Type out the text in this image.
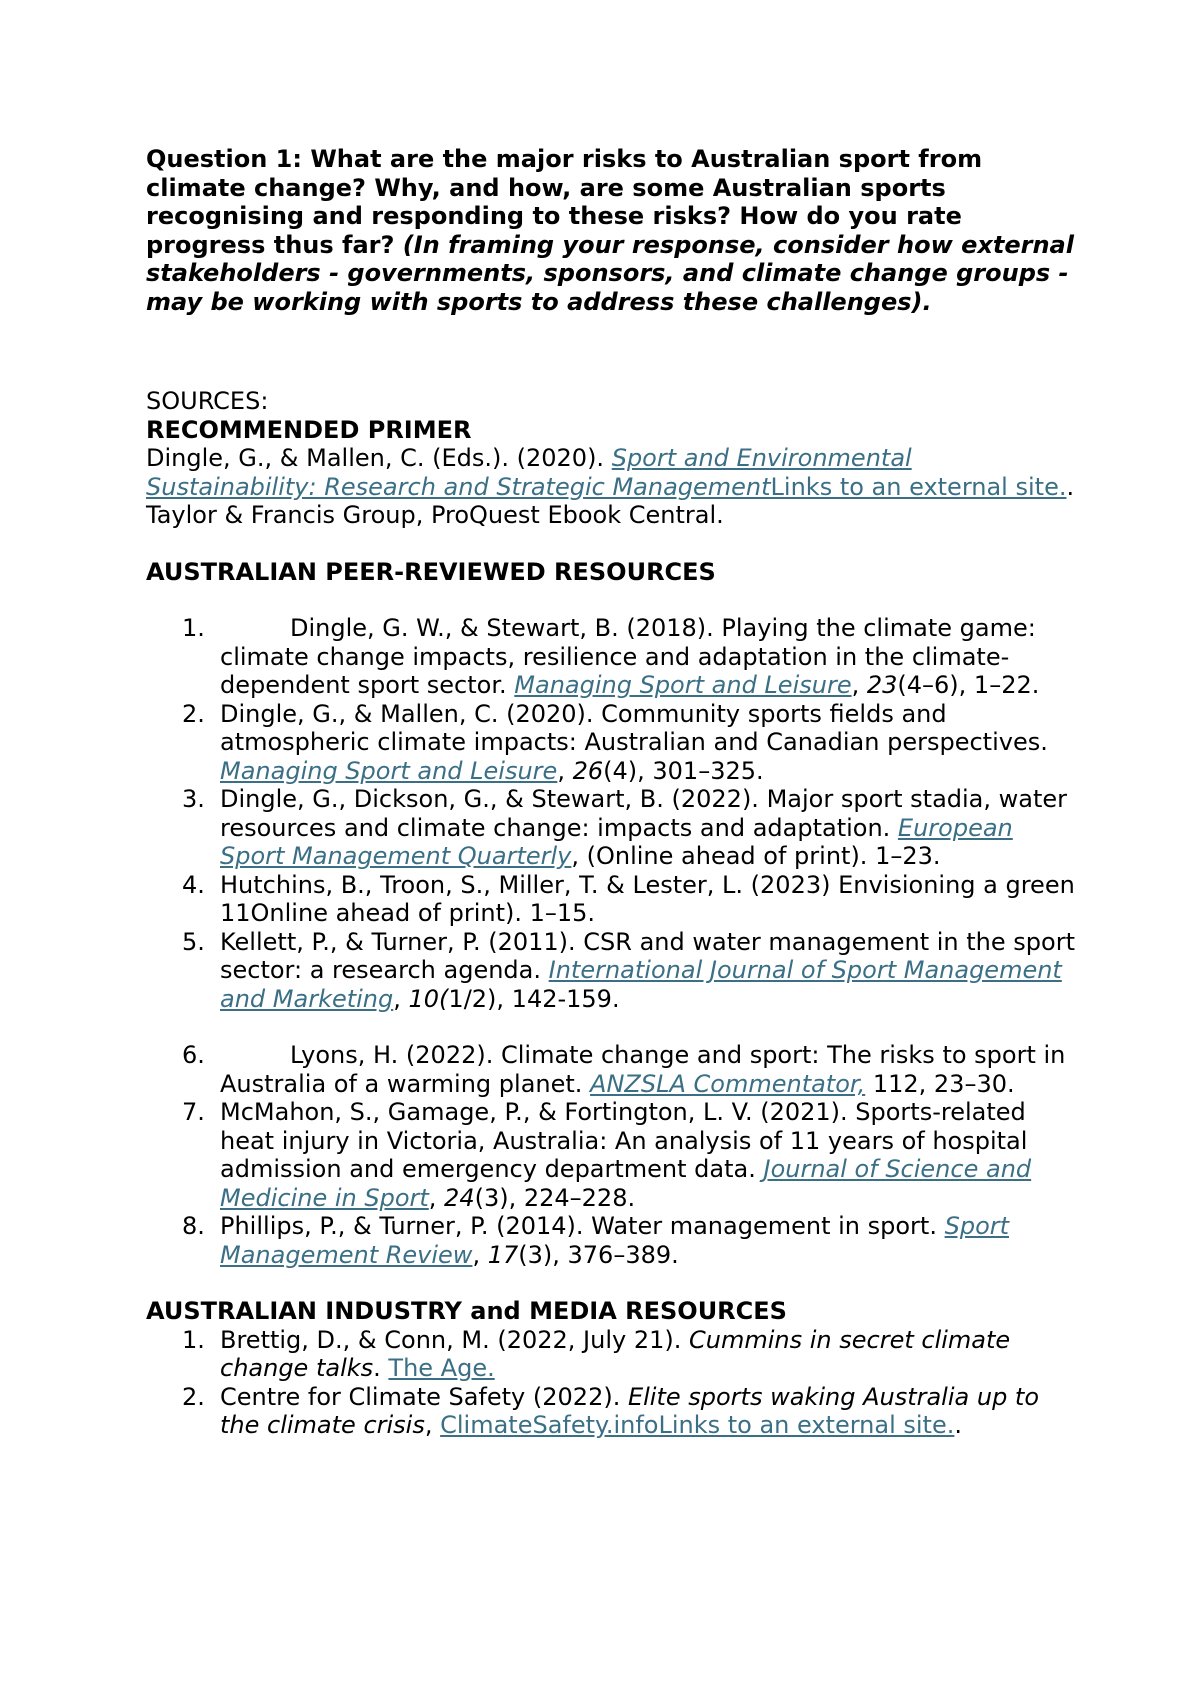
Question 1: What are the major risks to Australian sport from climate change? Why, and how, are some Australian sports recognising and responding to these risks? How do you rate progress thus far? (In framing your response, consider how external stakeholders - governments, sponsors, and climate change groups - may be working with sports to address these challenges).

SOURCES:

RECOMMENDED PRIMER

Dingle, G., & Mallen, C. (Eds.). (2020). Sport and Environmental Sustainability: Research and Strategic ManagementLinks to an external site.. Taylor & Francis Group, ProQuest Ebook Central.

AUSTRALIAN PEER-REVIEWED RESOURCES

1.	Dingle, G. W., & Stewart, B. (2018). Playing the climate game: climate change impacts, resilience and adaptation in the climate-dependent sport sector. Managing Sport and Leisure, 23(4–6), 1–22.
2. Dingle, G., & Mallen, C. (2020). Community sports fields and atmospheric climate impacts: Australian and Canadian perspectives. Managing Sport and Leisure, 26(4), 301–325.
3. Dingle, G., Dickson, G., & Stewart, B. (2022). Major sport stadia, water resources and climate change: impacts and adaptation. European Sport Management Quarterly, (Online ahead of print). 1–23.
4. Hutchins, B., Troon, S., Miller, T. & Lester, L. (2023) Envisioning a green 11Online ahead of print). 1–15.
5. Kellett, P., & Turner, P. (2011). CSR and water management in the sport sector: a research agenda. International Journal of Sport Management and Marketing, 10(1/2), 142-159.
6.	Lyons, H. (2022). Climate change and sport: The risks to sport in Australia of a warming planet. ANZSLA Commentator, 112, 23–30.
7. McMahon, S., Gamage, P., & Fortington, L. V. (2021). Sports-related heat injury in Victoria, Australia: An analysis of 11 years of hospital admission and emergency department data. Journal of Science and Medicine in Sport, 24(3), 224–228.
8. Phillips, P., & Turner, P. (2014). Water management in sport. Sport Management Review, 17(3), 376–389.

AUSTRALIAN INDUSTRY and MEDIA RESOURCES

1. Brettig, D., & Conn, M. (2022, July 21). Cummins in secret climate change talks. The Age.
2. Centre for Climate Safety (2022). Elite sports waking Australia up to the climate crisis, ClimateSafety.infoLinks to an external site..
